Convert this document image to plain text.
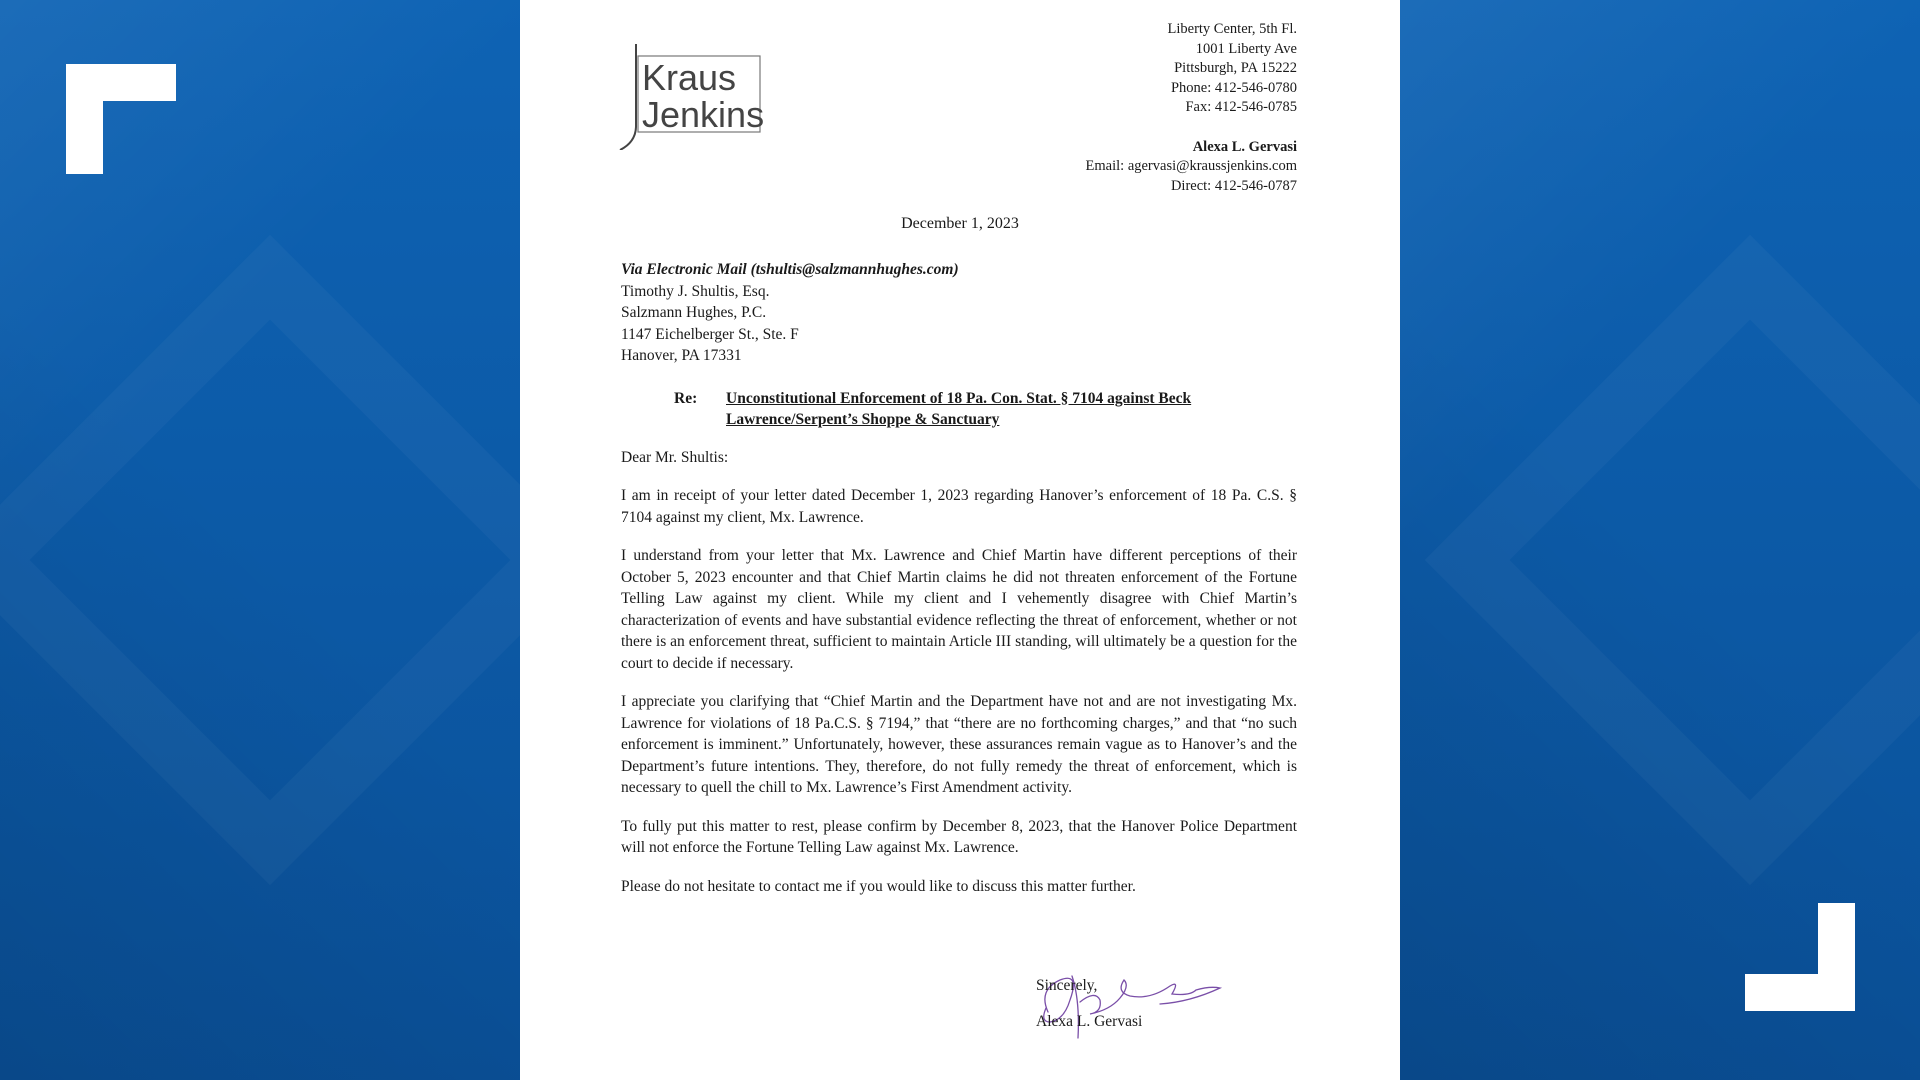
Kraus
Jenkins
Liberty Center, 5th Fl.
1001 Liberty Ave
Pittsburgh, PA 15222
Phone: 412-546-0780
Fax: 412-546-0785
Alexa L. Gervasi
Email: agervasi@kraussjenkins.com
Direct: 412-546-0787
December 1, 2023

Via Electronic Mail (tshultis@salzmannhughes.com)

Timothy J. Shultis, Esq.

Salzmann Hughes, P.C.

1147 Eichelberger St., Ste. F

Hanover, PA 17331

Re:	Unconstitutional Enforcement of 18 Pa. Con. Stat. § 7104 against Beck Lawrence/Serpent’s Shoppe & Sanctuary
Dear Mr. Shultis:
I am in receipt of your letter dated December 1, 2023 regarding Hanover’s enforcement of 18 Pa. C.S. § 7104 against my client, Mx. Lawrence.
I understand from your letter that Mx. Lawrence and Chief Martin have different perceptions of their October 5, 2023 encounter and that Chief Martin claims he did not threaten enforcement of the Fortune Telling Law against my client. While my client and I vehemently disagree with Chief Martin’s characterization of events and have substantial evidence reflecting the threat of enforcement, whether or not there is an enforcement threat, sufficient to maintain Article III standing, will ultimately be a question for the court to decide if necessary.
I appreciate you clarifying that “Chief Martin and the Department have not and are not investigating Mx. Lawrence for violations of 18 Pa.C.S. § 7194,” that “there are no forthcoming charges,” and that “no such enforcement is imminent.” Unfortunately, however, these assurances remain vague as to Hanover’s and the Department’s future intentions. They, therefore, do not fully remedy the threat of enforcement, which is necessary to quell the chill to Mx. Lawrence’s First Amendment activity.
To fully put this matter to rest, please confirm by December 8, 2023, that the Hanover Police Department will not enforce the Fortune Telling Law against Mx. Lawrence.
Please do not hesitate to contact me if you would like to discuss this matter further.
Sincerely,
Alexa L. Gervasi
